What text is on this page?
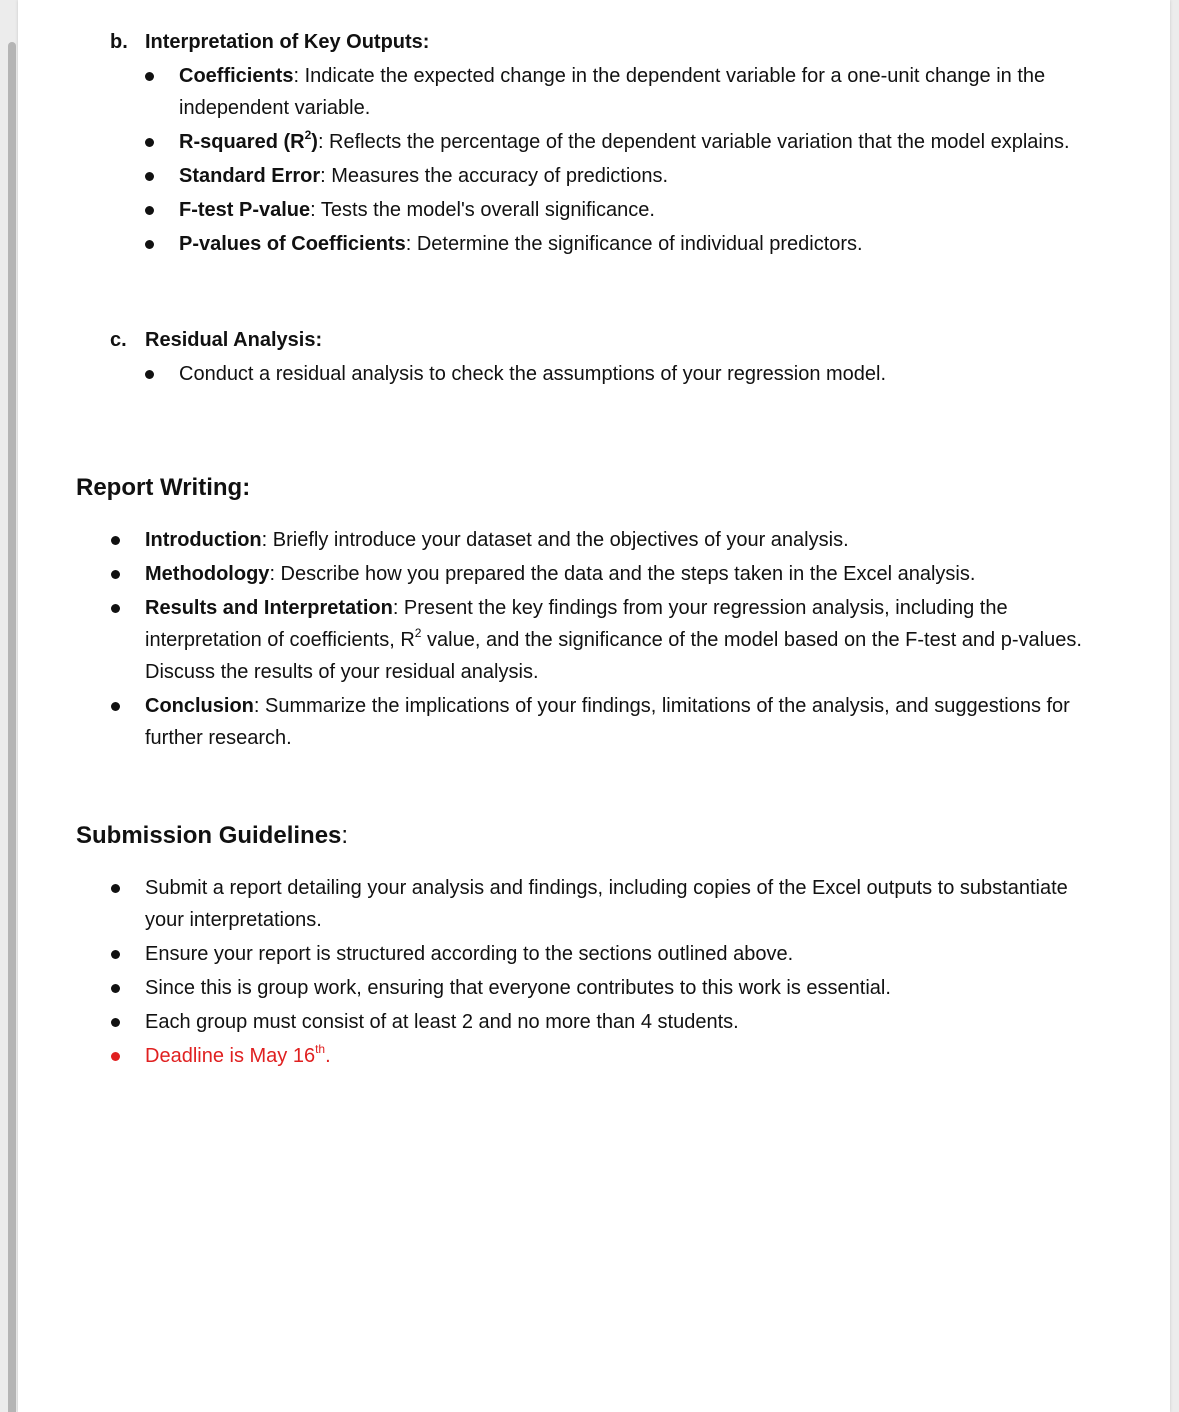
b. Interpretation of Key Outputs:
Coefficients: Indicate the expected change in the dependent variable for a one-unit change in the independent variable.
R-squared $(R^2)$: Reflects the percentage of the dependent variable variation that the model explains.
Standard Error: Measures the accuracy of predictions.
F-test P-value: Tests the model's overall significance.
P-values of Coefficients: Determine the significance of individual predictors.
c. Residual Analysis:
Conduct a residual analysis to check the assumptions of your regression model.
Report Writing:
Introduction: Briefly introduce your dataset and the objectives of your analysis.
Methodology: Describe how you prepared the data and the steps taken in the Excel analysis.
Results and Interpretation: Present the key findings from your regression analysis, including the interpretation of coefficients, $R^2$ value, and the significance of the model based on the F-test and p-values. Discuss the results of your residual analysis.
Conclusion: Summarize the implications of your findings, limitations of the analysis, and suggestions for further research.
Submission Guidelines:
Submit a report detailing your analysis and findings, including copies of the Excel outputs to substantiate your interpretations.
Ensure your report is structured according to the sections outlined above.
Since this is group work, ensuring that everyone contributes to this work is essential.
Each group must consist of at least 2 and no more than 4 students.
Deadline is May 16th.
